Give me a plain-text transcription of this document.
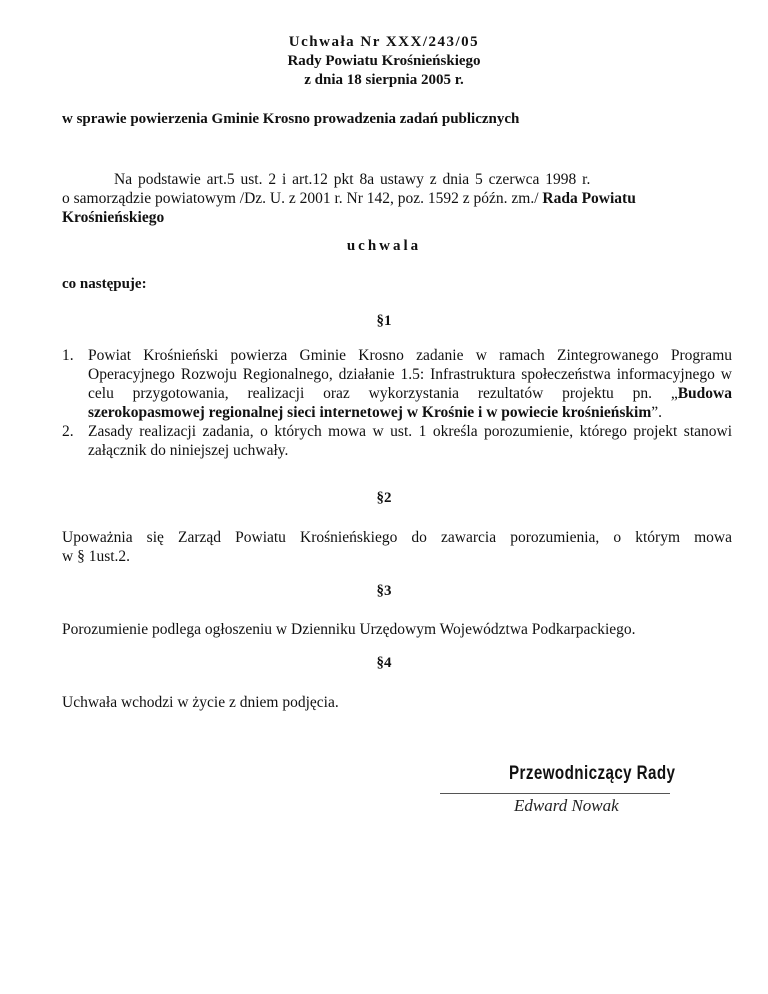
Uchwała Nr XXX/243/05
Rady Powiatu Krośnieńskiego
z dnia 18 sierpnia 2005 r.
w sprawie powierzenia Gminie Krosno prowadzenia zadań publicznych
Na podstawie art.5 ust. 2 i art.12 pkt 8a ustawy z dnia 5 czerwca 1998 r.
o samorządzie powiatowym /Dz. U. z 2001 r. Nr 142, poz. 1592 z późn. zm./ Rada Powiatu
Krośnieńskiego
uchwala
co następuje:
§1
1. Powiat Krośnieński powierza Gminie Krosno zadanie w ramach Zintegrowanego Programu Operacyjnego Rozwoju Regionalnego, działanie 1.5: Infrastruktura społeczeństwa informacyjnego w celu przygotowania, realizacji oraz wykorzystania rezultatów projektu pn. „Budowa szerokopasmowej regionalnej sieci internetowej w Krośnie i w powiecie krośnieńskim”.
2. Zasady realizacji zadania, o których mowa w ust. 1 określa porozumienie, którego projekt stanowi załącznik do niniejszej uchwały.
§2
Upoważnia się Zarząd Powiatu Krośnieńskiego do zawarcia porozumienia, o którym mowa
w § 1ust.2.
§3
Porozumienie podlega ogłoszeniu w Dzienniku Urzędowym Województwa Podkarpackiego.
§4
Uchwała wchodzi w życie z dniem podjęcia.
Przewodniczący Rady
Edward Nowak
